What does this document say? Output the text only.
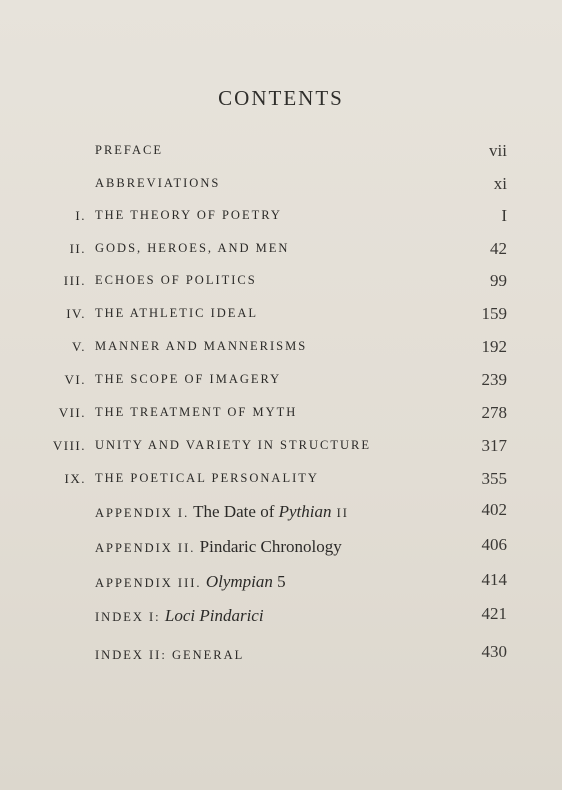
CONTENTS
PREFACE	vii
ABBREVIATIONS	xi
I. THE THEORY OF POETRY	I
II. GODS, HEROES, AND MEN	42
III. ECHOES OF POLITICS	99
IV. THE ATHLETIC IDEAL	159
V. MANNER AND MANNERISMS	192
VI. THE SCOPE OF IMAGERY	239
VII. THE TREATMENT OF MYTH	278
VIII. UNITY AND VARIETY IN STRUCTURE	317
IX. THE POETICAL PERSONALITY	355
APPENDIX I. The Date of Pythian II	402
APPENDIX II. Pindaric Chronology	406
APPENDIX III. Olympian 5	414
INDEX I: Loci Pindarici	421
INDEX II: GENERAL	430
